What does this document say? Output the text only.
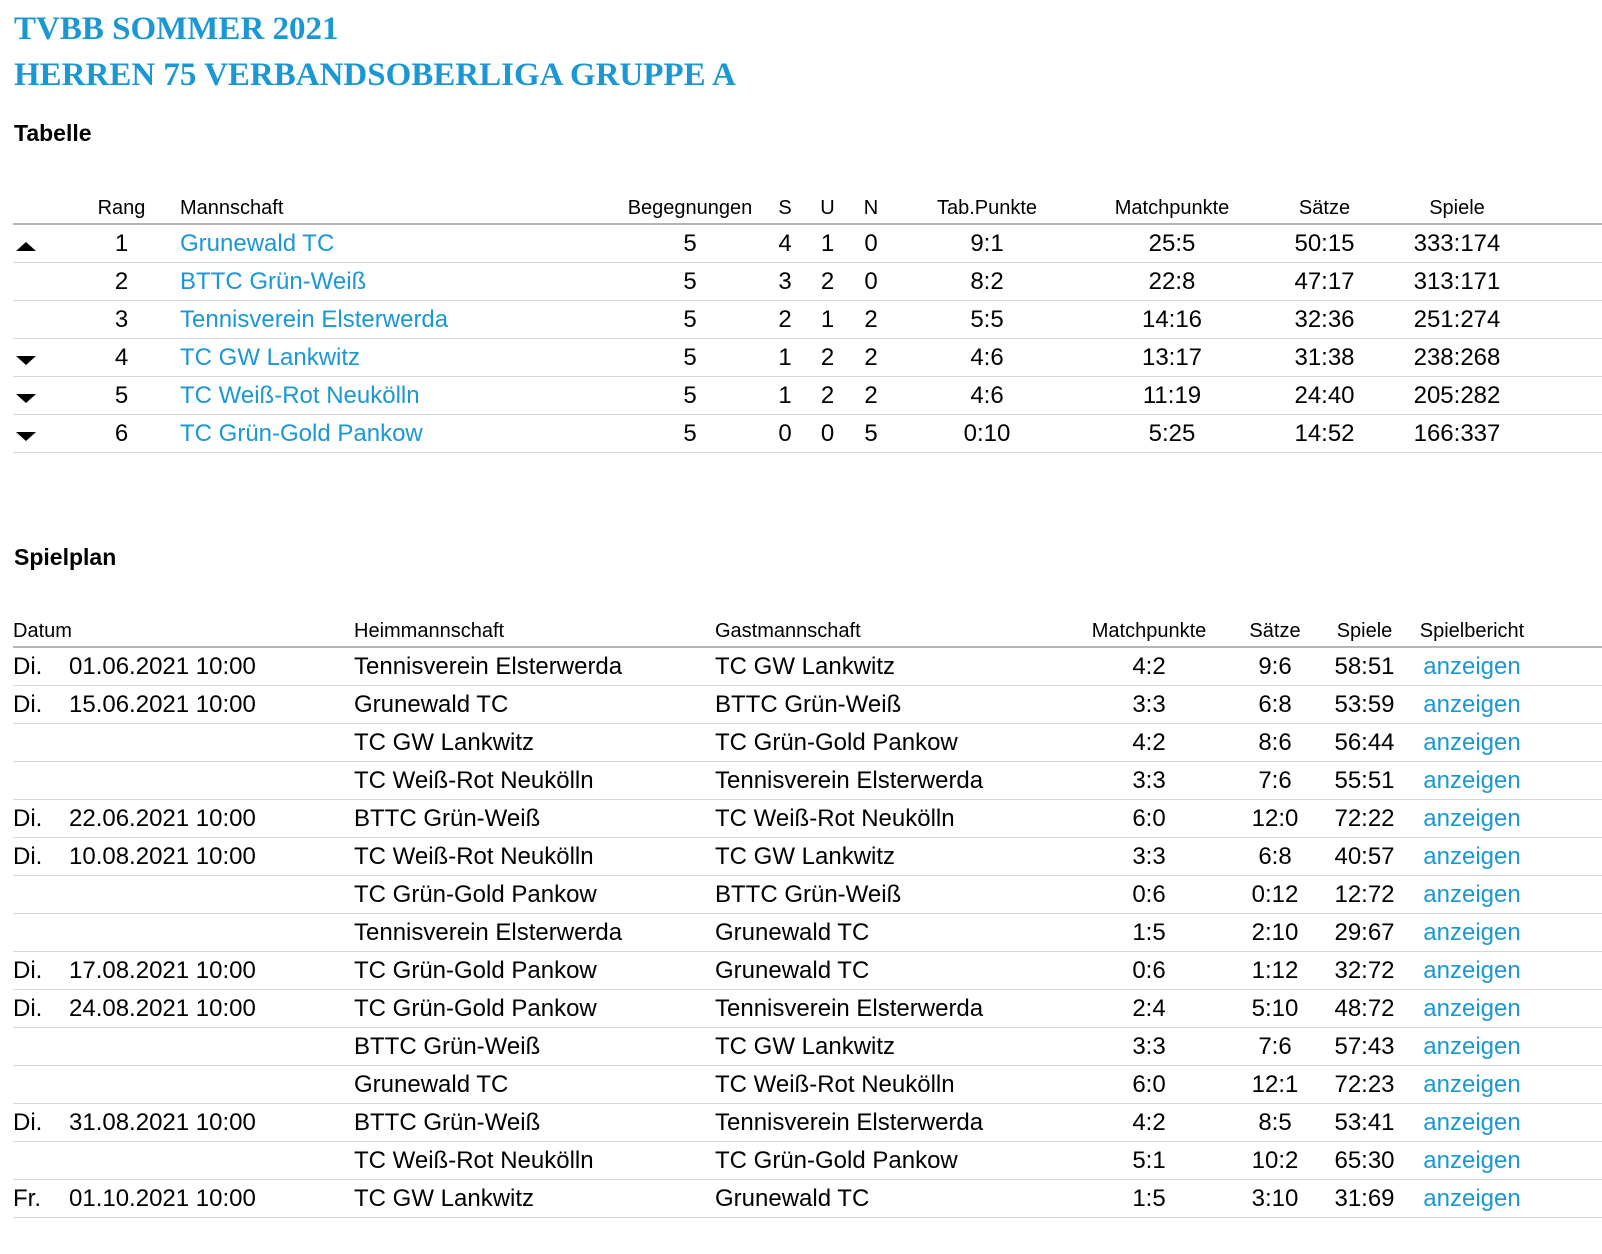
TVBB SOMMER 2021
HERREN 75 VERBANDSOBERLIGA GRUPPE A
Tabelle
	Rang	Mannschaft	Begegnungen	S	U	N	Tab.Punkte	Matchpunkte	Sätze	Spiele	
	1	Grunewald TC	5	4	1	0	9:1	25:5	50:15	333:174	
	2	BTTC Grün-Weiß	5	3	2	0	8:2	22:8	47:17	313:171	
	3	Tennisverein Elsterwerda	5	2	1	2	5:5	14:16	32:36	251:274	
	4	TC GW Lankwitz	5	1	2	2	4:6	13:17	31:38	238:268	
	5	TC Weiß-Rot Neukölln	5	1	2	2	4:6	11:19	24:40	205:282	
	6	TC Grün-Gold Pankow	5	0	0	5	0:10	5:25	14:52	166:337	
Spielplan
Datum		Heimmannschaft	Gastmannschaft	Matchpunkte	Sätze	Spiele	Spielbericht	
Di.	01.06.2021 10:00	Tennisverein Elsterwerda	TC GW Lankwitz	4:2	9:6	58:51	anzeigen	
Di.	15.06.2021 10:00	Grunewald TC	BTTC Grün-Weiß	3:3	6:8	53:59	anzeigen	
		TC GW Lankwitz	TC Grün-Gold Pankow	4:2	8:6	56:44	anzeigen	
		TC Weiß-Rot Neukölln	Tennisverein Elsterwerda	3:3	7:6	55:51	anzeigen	
Di.	22.06.2021 10:00	BTTC Grün-Weiß	TC Weiß-Rot Neukölln	6:0	12:0	72:22	anzeigen	
Di.	10.08.2021 10:00	TC Weiß-Rot Neukölln	TC GW Lankwitz	3:3	6:8	40:57	anzeigen	
		TC Grün-Gold Pankow	BTTC Grün-Weiß	0:6	0:12	12:72	anzeigen	
		Tennisverein Elsterwerda	Grunewald TC	1:5	2:10	29:67	anzeigen	
Di.	17.08.2021 10:00	TC Grün-Gold Pankow	Grunewald TC	0:6	1:12	32:72	anzeigen	
Di.	24.08.2021 10:00	TC Grün-Gold Pankow	Tennisverein Elsterwerda	2:4	5:10	48:72	anzeigen	
		BTTC Grün-Weiß	TC GW Lankwitz	3:3	7:6	57:43	anzeigen	
		Grunewald TC	TC Weiß-Rot Neukölln	6:0	12:1	72:23	anzeigen	
Di.	31.08.2021 10:00	BTTC Grün-Weiß	Tennisverein Elsterwerda	4:2	8:5	53:41	anzeigen	
		TC Weiß-Rot Neukölln	TC Grün-Gold Pankow	5:1	10:2	65:30	anzeigen	
Fr.	01.10.2021 10:00	TC GW Lankwitz	Grunewald TC	1:5	3:10	31:69	anzeigen	
